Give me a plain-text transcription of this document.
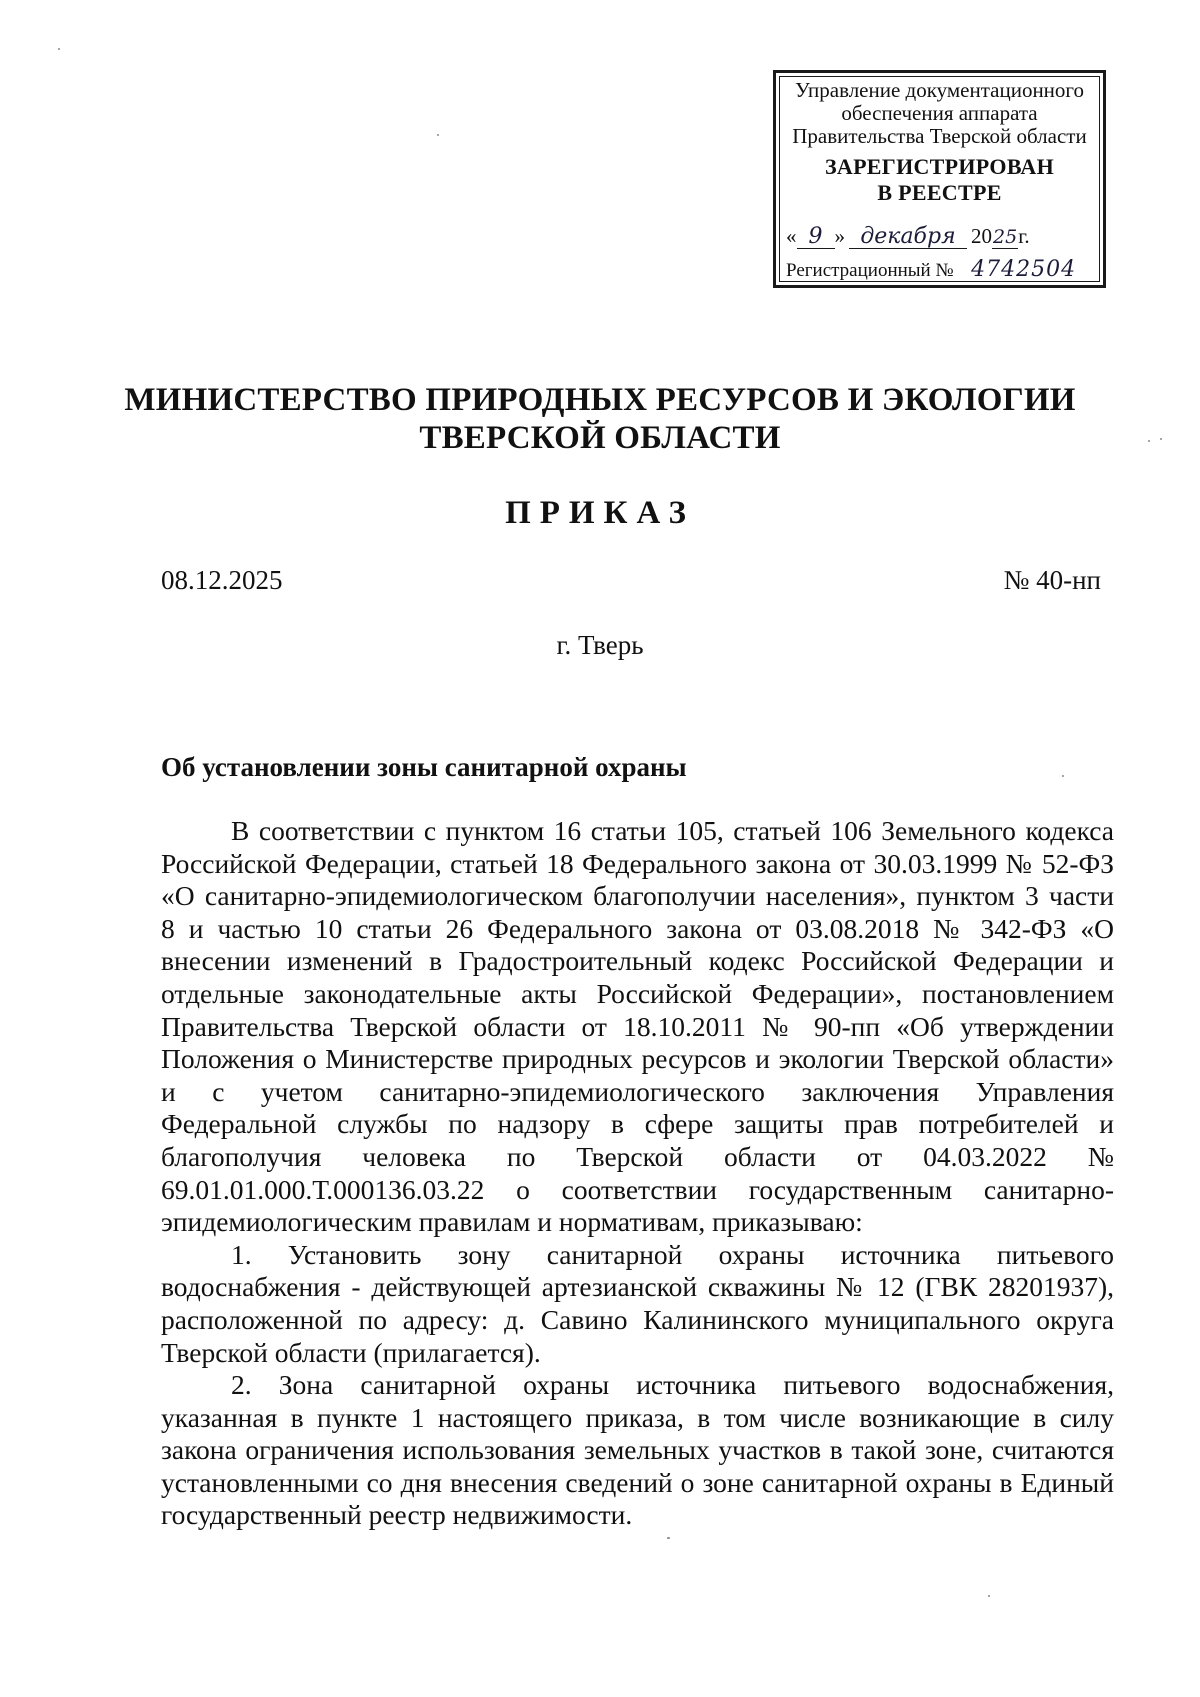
Управление документационного
обеспечения аппарата
Правительства Тверской области
ЗАРЕГИСТРИРОВАН
В РЕЕСТРЕ
« 9 » декабря 2025г.
Регистрационный № 4742504
МИНИСТЕРСТВО ПРИРОДНЫХ РЕСУРСОВ И ЭКОЛОГИИ
ТВЕРСКОЙ ОБЛАСТИ
ПРИКАЗ
08.12.2025	№ 40-нп
г. Тверь
Об установлении зоны санитарной охраны

В соответствии с пунктом 16 статьи 105, статьей 106 Земельного кодекса Российской Федерации, статьей 18 Федерального закона от 30.03.1999 № 52-ФЗ «О санитарно-эпидемиологическом благополучии населения», пунктом 3 части 8 и частью 10 статьи 26 Федерального закона от 03.08.2018 № 342-ФЗ «О внесении изменений в Градостроительный кодекс Российской Федерации и отдельные законодательные акты Российской Федерации», постановлением Правительства Тверской области от 18.10.2011 № 90-пп «Об утверждении Положения о Министерстве природных ресурсов и экологии Тверской области» и с учетом санитарно-эпидемиологического заключения Управления Федеральной службы по надзору в сфере защиты прав потребителей и благополучия человека по Тверской области от 04.03.2022 № 69.01.01.000.Т.000136.03.22 о соответствии государственным санитарно-эпидемиологическим правилам и нормативам, приказываю:

1. Установить зону санитарной охраны источника питьевого водоснабжения - действующей артезианской скважины № 12 (ГВК 28201937), расположенной по адресу: д. Савино Калининского муниципального округа Тверской области (прилагается).

2. Зона санитарной охраны источника питьевого водоснабжения, указанная в пункте 1 настоящего приказа, в том числе возникающие в силу закона ограничения использования земельных участков в такой зоне, считаются установленными со дня внесения сведений о зоне санитарной охраны в Единый государственный реестр недвижимости.
